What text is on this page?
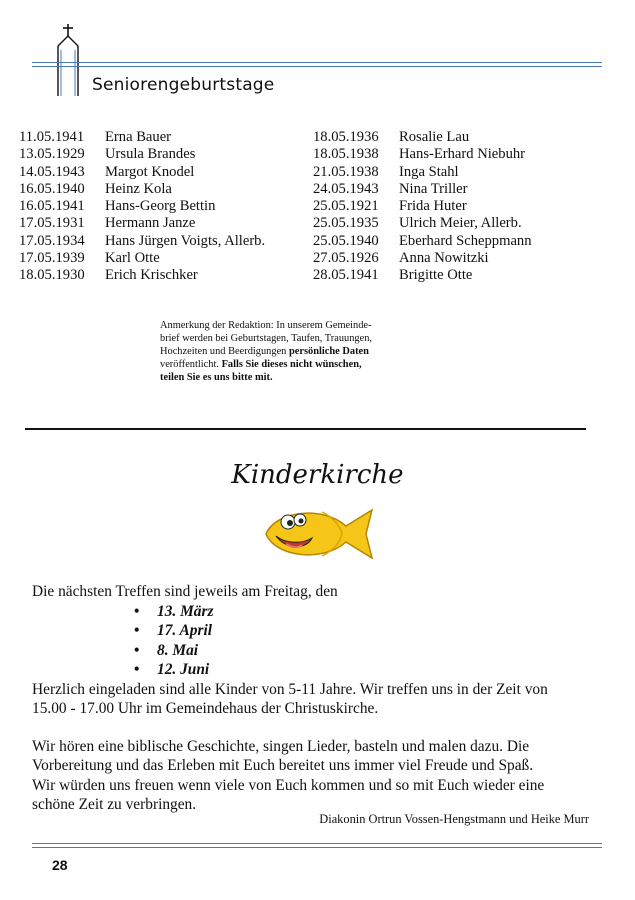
Seniorengeburtstage
11.05.1941	Erna Bauer
13.05.1929	Ursula Brandes
14.05.1943	Margot Knodel
16.05.1940	Heinz Kola
16.05.1941	Hans-Georg Bettin
17.05.1931	Hermann Janze
17.05.1934	Hans Jürgen Voigts, Allerb.
17.05.1939	Karl Otte
18.05.1930	Erich Krischker
18.05.1936	Rosalie Lau
18.05.1938	Hans-Erhard Niebuhr
21.05.1938	Inga Stahl
24.05.1943	Nina Triller
25.05.1921	Frida Huter
25.05.1935	Ulrich Meier, Allerb.
25.05.1940	Eberhard Scheppmann
27.05.1926	Anna Nowitzki
28.05.1941	Brigitte Otte
Anmerkung der Redaktion: In unserem Gemeinde-
brief werden bei Geburtstagen, Taufen, Trauungen,
Hochzeiten und Beerdigungen persönliche Daten
veröffentlicht. Falls Sie dieses nicht wünschen,
teilen Sie es uns bitte mit.
Kinderkirche
Die nächsten Treffen sind jeweils am Freitag, den
• 13. März
• 17. April
• 8. Mai
• 12. Juni
Herzlich eingeladen sind alle Kinder von 5-11 Jahre. Wir treffen uns in der Zeit von
15.00 - 17.00 Uhr im Gemeindehaus der Christuskirche.
Wir hören eine biblische Geschichte, singen Lieder, basteln und malen dazu. Die
Vorbereitung und das Erleben mit Euch bereitet uns immer viel Freude und Spaß.
Wir würden uns freuen wenn viele von Euch kommen und so mit Euch wieder eine
schöne Zeit zu verbringen.
Diakonin Ortrun Vossen-Hengstmann und Heike Murr
28
